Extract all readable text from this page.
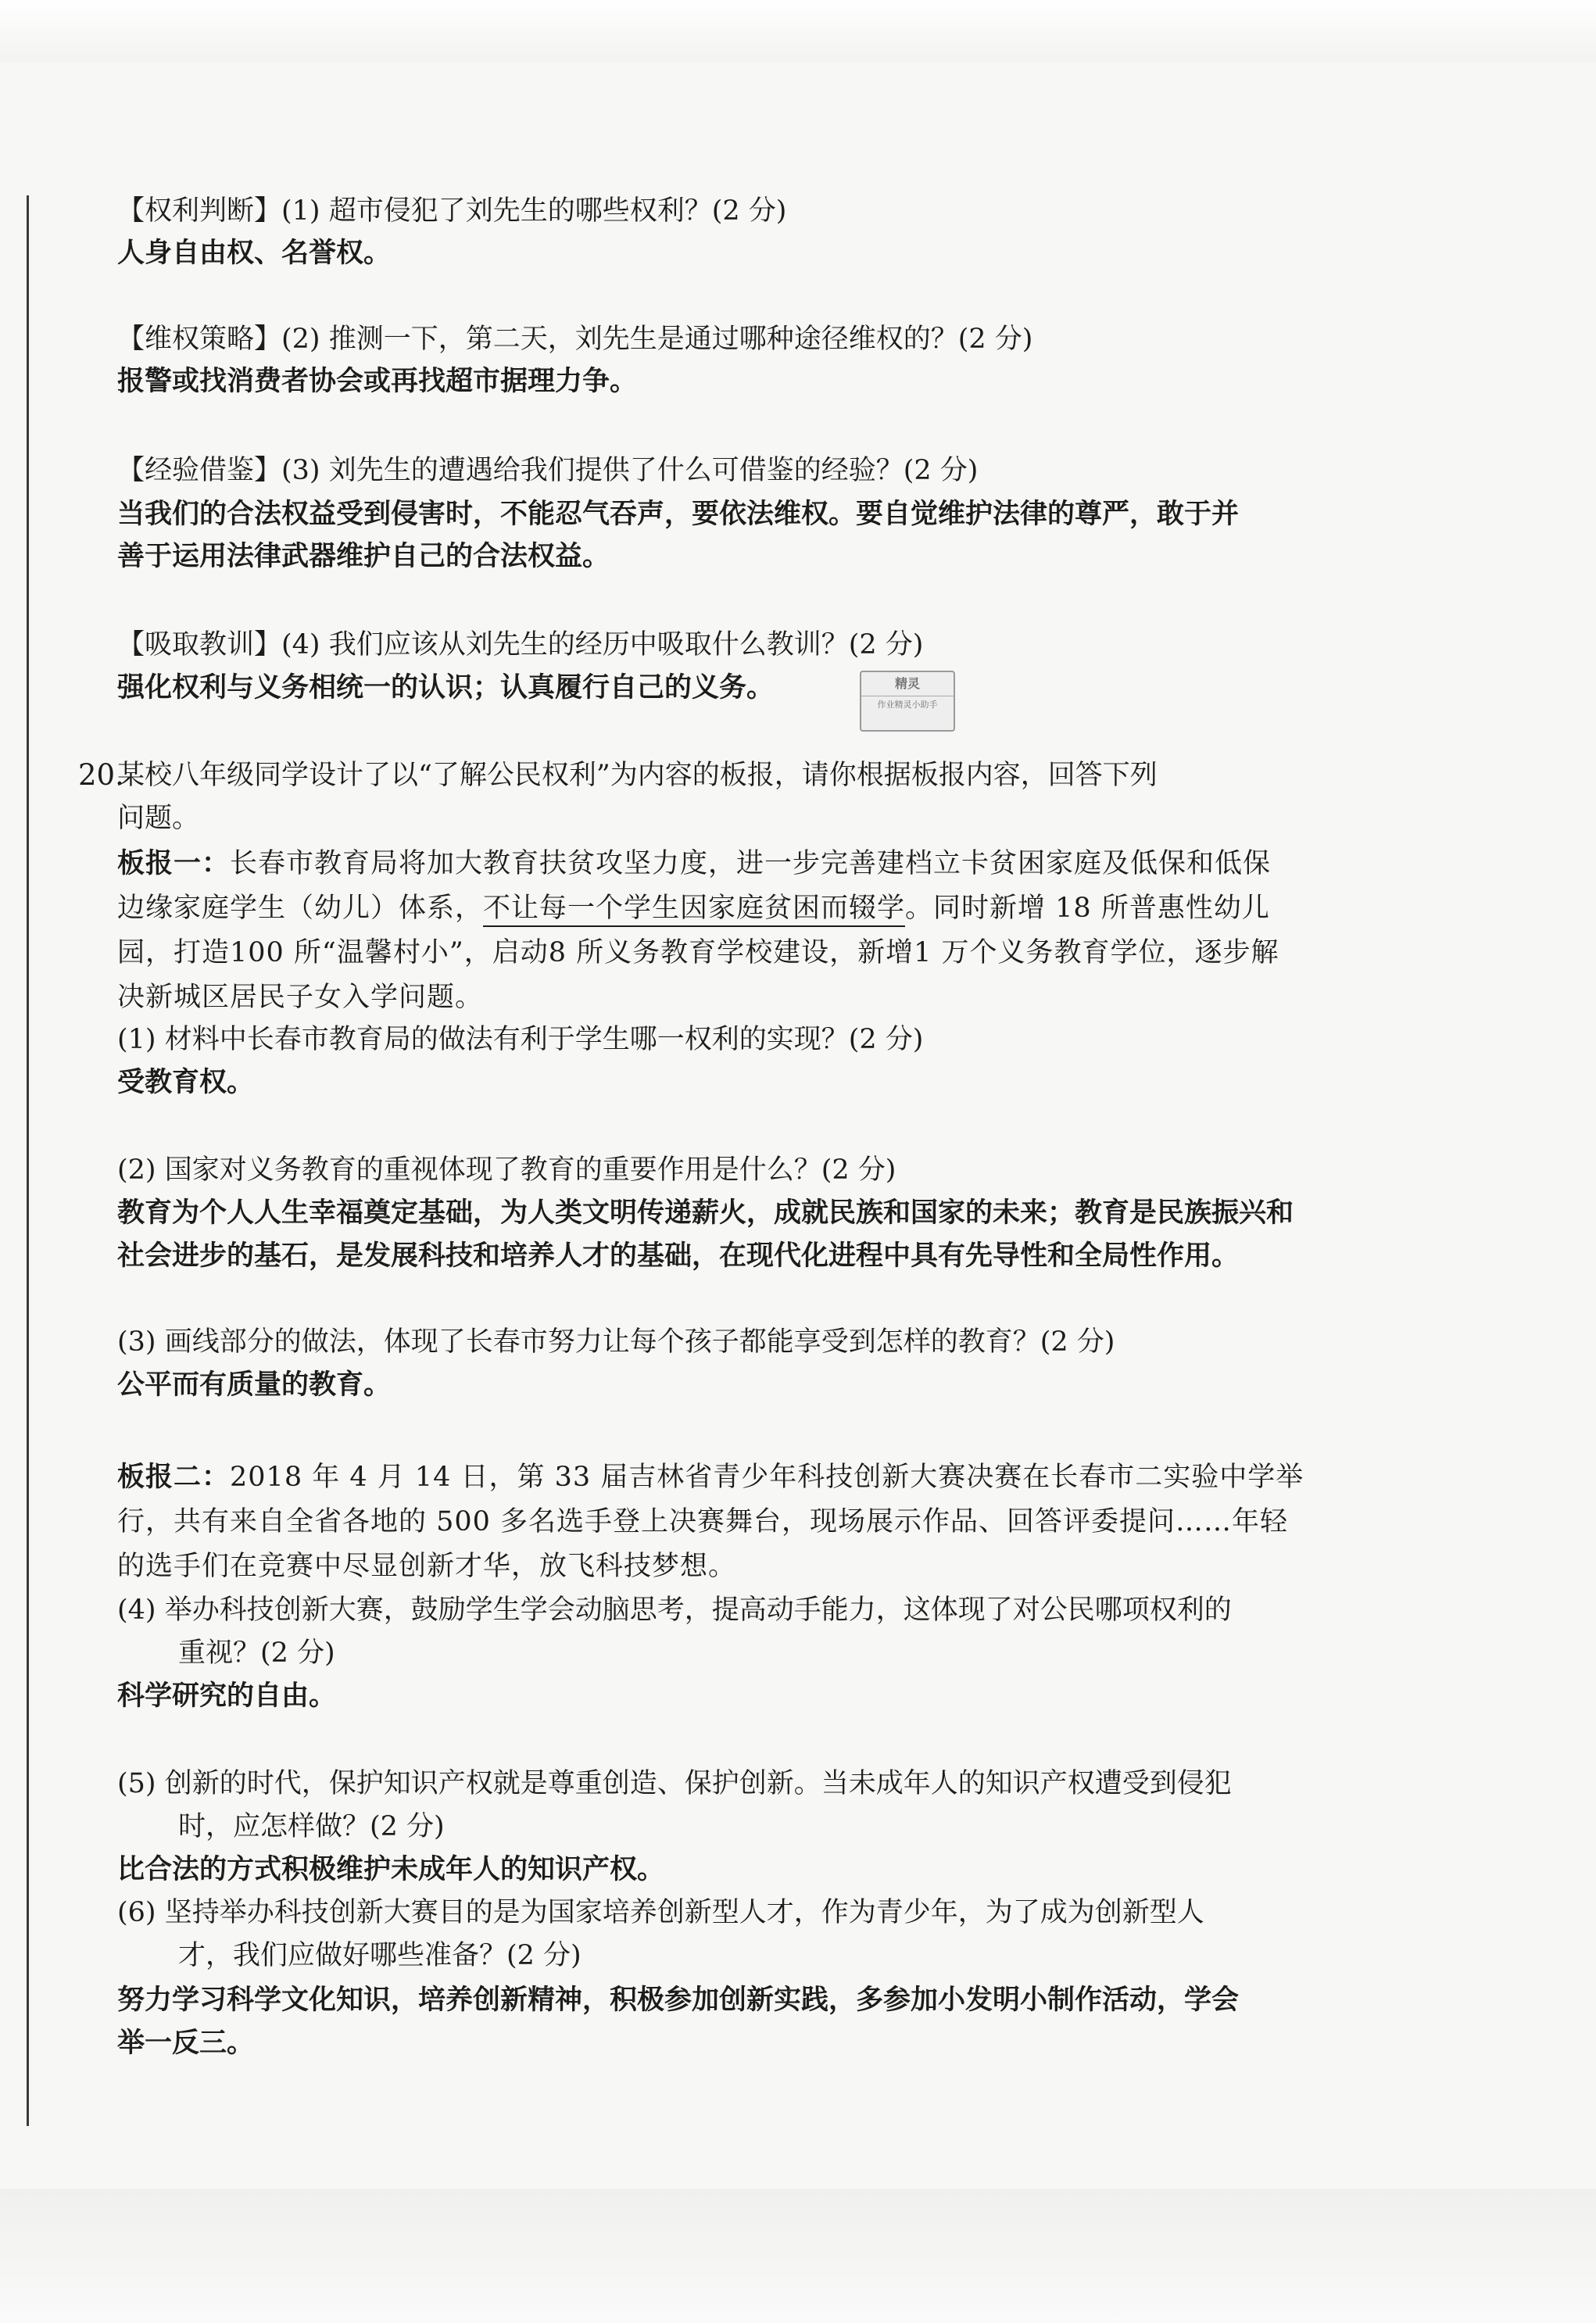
【权利判断】(1) 超市侵犯了刘先生的哪些权利？(2 分)
人身自由权、名誉权。
【维权策略】(2) 推测一下，第二天，刘先生是通过哪种途径维权的？(2 分)
报警或找消费者协会或再找超市据理力争。
【经验借鉴】(3) 刘先生的遭遇给我们提供了什么可借鉴的经验？(2 分)
当我们的合法权益受到侵害时，不能忍气吞声，要依法维权。要自觉维护法律的尊严，敢于并
善于运用法律武器维护自己的合法权益。
【吸取教训】(4) 我们应该从刘先生的经历中吸取什么教训？(2 分)
强化权利与义务相统一的认识；认真履行自己的义务。	精灵
作业精灵小助手
20.
某校八年级同学设计了以“了解公民权利”为内容的板报，请你根据板报内容，回答下列
问题。
板报一：长春市教育局将加大教育扶贫攻坚力度，进一步完善建档立卡贫困家庭及低保和低保
边缘家庭学生（幼儿）体系，不让每一个学生因家庭贫困而辍学。同时新增 18 所普惠性幼儿
园，打造100 所“温馨村小”，启动8 所义务教育学校建设，新增1 万个义务教育学位，逐步解
决新城区居民子女入学问题。
(1) 材料中长春市教育局的做法有利于学生哪一权利的实现？(2 分)
受教育权。
(2) 国家对义务教育的重视体现了教育的重要作用是什么？(2 分)
教育为个人人生幸福奠定基础，为人类文明传递薪火，成就民族和国家的未来；教育是民族振兴和
社会进步的基石，是发展科技和培养人才的基础，在现代化进程中具有先导性和全局性作用。
(3) 画线部分的做法，体现了长春市努力让每个孩子都能享受到怎样的教育？(2 分)
公平而有质量的教育。
板报二：2018 年 4 月 14 日，第 33 届吉林省青少年科技创新大赛决赛在长春市二实验中学举
行，共有来自全省各地的 500 多名选手登上决赛舞台，现场展示作品、回答评委提问……年轻
的选手们在竞赛中尽显创新才华，放飞科技梦想。
(4) 举办科技创新大赛，鼓励学生学会动脑思考，提高动手能力，这体现了对公民哪项权利的
重视？(2 分)
科学研究的自由。
(5) 创新的时代，保护知识产权就是尊重创造、保护创新。当未成年人的知识产权遭受到侵犯
时，应怎样做？(2 分)
比合法的方式积极维护未成年人的知识产权。
(6) 坚持举办科技创新大赛目的是为国家培养创新型人才，作为青少年，为了成为创新型人
才，我们应做好哪些准备？(2 分)
努力学习科学文化知识，培养创新精神，积极参加创新实践，多参加小发明小制作活动，学会
举一反三。
